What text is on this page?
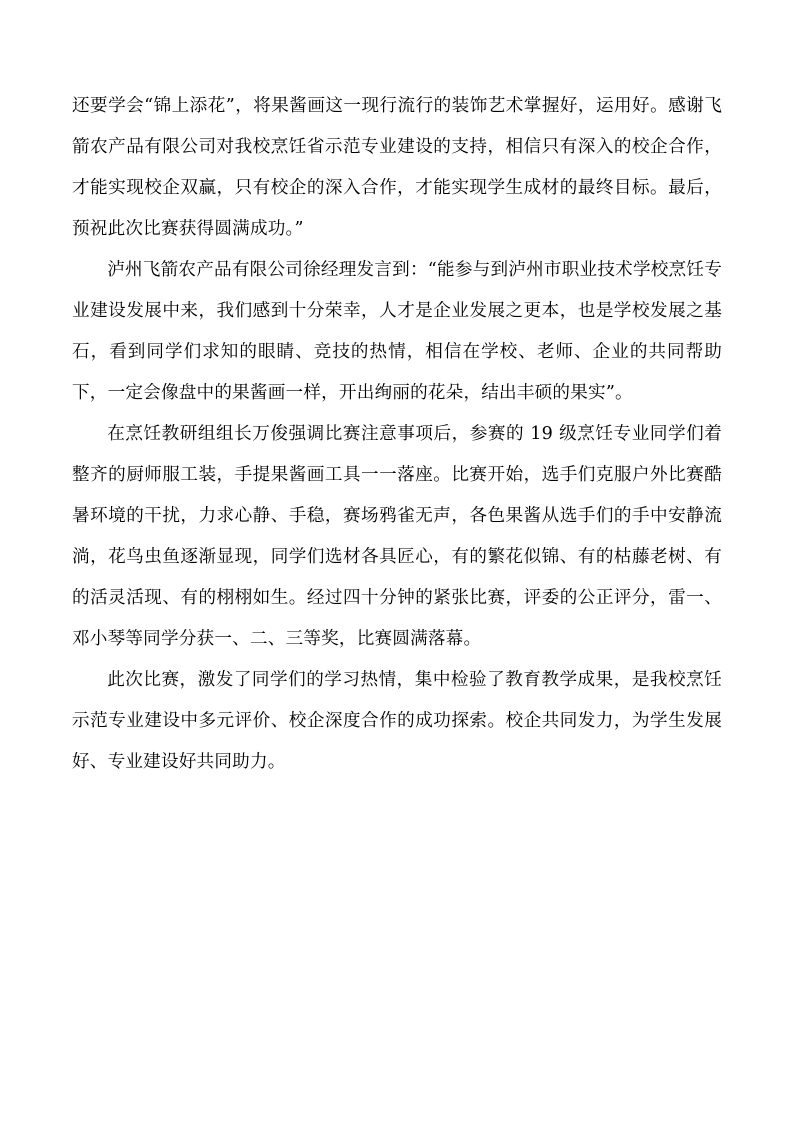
还要学会“锦上添花”，将果酱画这一现行流行的装饰艺术掌握好，运用好。感谢飞箭农产品有限公司对我校烹饪省示范专业建设的支持，相信只有深入的校企合作，才能实现校企双赢，只有校企的深入合作，才能实现学生成材的最终目标。最后，预祝此次比赛获得圆满成功。”

泸州飞箭农产品有限公司徐经理发言到：“能参与到泸州市职业技术学校烹饪专业建设发展中来，我们感到十分荣幸，人才是企业发展之更本，也是学校发展之基石，看到同学们求知的眼睛、竞技的热情，相信在学校、老师、企业的共同帮助下，一定会像盘中的果酱画一样，开出绚丽的花朵，结出丰硕的果实”。

在烹饪教研组组长万俊强调比赛注意事项后，参赛的 19 级烹饪专业同学们着整齐的厨师服工装，手提果酱画工具一一落座。比赛开始，选手们克服户外比赛酷暑环境的干扰，力求心静、手稳，赛场鸦雀无声，各色果酱从选手们的手中安静流淌，花鸟虫鱼逐渐显现，同学们选材各具匠心，有的繁花似锦、有的枯藤老树、有的活灵活现、有的栩栩如生。经过四十分钟的紧张比赛，评委的公正评分，雷一、邓小琴等同学分获一、二、三等奖，比赛圆满落幕。

此次比赛，激发了同学们的学习热情，集中检验了教育教学成果，是我校烹饪示范专业建设中多元评价、校企深度合作的成功探索。校企共同发力，为学生发展好、专业建设好共同助力。
